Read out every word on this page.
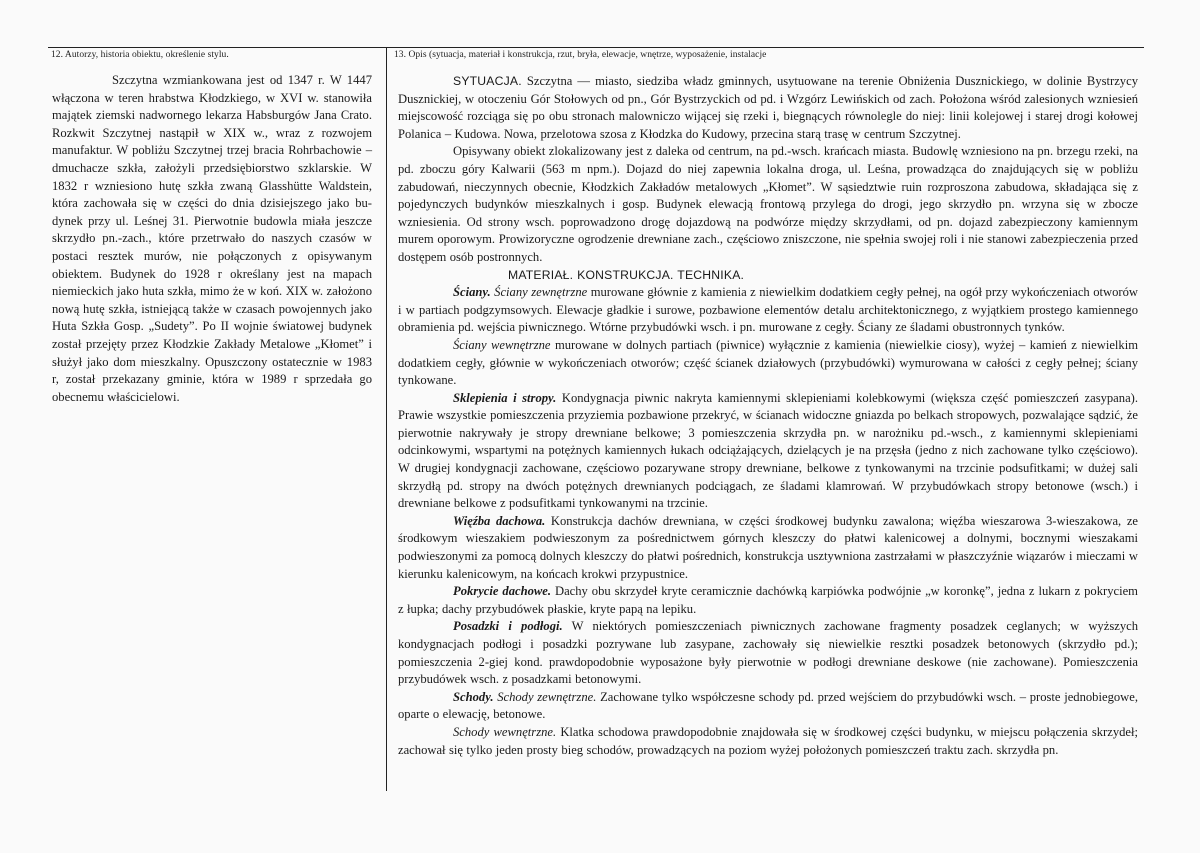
12. Autorzy, historia obiektu, określenie stylu.	13. Opis (sytuacja, materiał i konstrukcja, rzut, bryła, elewacje, wnętrze, wyposażenie, instalacje

Szczytna wzmiankowana jest od 1347 r. W 1447 włączona w teren hrabstwa Kłodzkiego, w XVI w. stanowiła majątek ziemski nadwornego lekarza Habsburgów Jana Crato. Rozkwit Szczytnej nastąpił w XIX w., wraz z rozwojem manufaktur. W pobliżu Szczytnej trzej bracia Rohrbachowie – dmuchacze szkła, założyli przedsiębiorstwo szklarskie. W 1832 r wzniesiono hutę szkła zwaną Glasshütte Waldstein, która zachowała się w części do dnia dzisiejszego jako budynek przy ul. Leśnej 31. Pierwotnie budowla miała jeszcze skrzydło pn.-zach., które przetrwało do naszych czasów w postaci resztek murów, nie połączonych z opisywanym obiektem. Budynek do 1928 r określany jest na mapach niemieckich jako huta szkła, mimo że w koń. XIX w. założono nową hutę szkła, istniejącą także w czasach powojennych jako Huta Szkła Gosp. „Sudety”. Po II wojnie światowej budynek został przejęty przez Kłodzkie Zakłady Metalowe „Kłomet” i służył jako dom mieszkalny. Opuszczony ostatecznie w 1983 r, został przekazany gminie, która w 1989 r sprzedała go obecnemu właścicielowi.

SYTUACJA. Szczytna — miasto, siedziba władz gminnych, usytuowane na terenie Obniżenia Dusznickiego, w dolinie Bystrzycy Dusznickiej, w otoczeniu Gór Stołowych od pn., Gór Bystrzyckich od pd. i Wzgórz Lewińskich od zach. Położona wśród zalesionych wzniesień miejscowość rozciąga się po obu stronach malowniczo wijącej się rzeki i, biegnących równolegle do niej: linii kolejowej i starej drogi kołowej Polanica – Kudowa. Nowa, przelotowa szosa z Kłodzka do Kudowy, przecina starą trasę w centrum Szczytnej.

Opisywany obiekt zlokalizowany jest z daleka od centrum, na pd.-wsch. krańcach miasta. Budowlę wzniesiono na pn. brzegu rzeki, na pd. zboczu góry Kalwarii (563 m npm.). Dojazd do niej zapewnia lokalna droga, ul. Leśna, prowadząca do znajdujących się w pobliżu zabudowań, nieczynnych obecnie, Kłodzkich Zakładów metalowych „Kłomet”. W sąsiedztwie ruin rozproszona zabudowa, składająca się z pojedynczych budynków mieszkalnych i gosp. Budynek elewacją frontową przylega do drogi, jego skrzydło pn. wrzyna się w zbocze wzniesienia. Od strony wsch. poprowadzono drogę dojazdową na podwórze między skrzydłami, od pn. dojazd zabezpieczony kamiennym murem oporowym. Prowizoryczne ogrodzenie drewniane zach., częściowo zniszczone, nie spełnia swojej roli i nie stanowi zabezpieczenia przed dostępem osób postronnych.

MATERIAŁ. KONSTRUKCJA. TECHNIKA.

Ściany. Ściany zewnętrzne murowane głównie z kamienia z niewielkim dodatkiem cegły pełnej, na ogół przy wykończeniach otworów i w partiach podgzymsowych. Elewacje gładkie i surowe, pozbawione elementów detalu architektonicznego, z wyjątkiem prostego kamiennego obramienia pd. wejścia piwnicznego. Wtórne przybudówki wsch. i pn. murowane z cegły. Ściany ze śladami obustronnych tynków.

Ściany wewnętrzne murowane w dolnych partiach (piwnice) wyłącznie z kamienia (niewielkie ciosy), wyżej – kamień z niewielkim dodatkiem cegły, głównie w wykończeniach otworów; część ścianek działowych (przybudówki) wymurowana w całości z cegły pełnej; ściany tynkowane.

Sklepienia i stropy. Kondygnacja piwnic nakryta kamiennymi sklepieniami kolebkowymi (większa część pomieszczeń zasypana). Prawie wszystkie pomieszczenia przyziemia pozbawione przekryć, w ścianach widoczne gniazda po belkach stropowych, pozwalające sądzić, że pierwotnie nakrywały je stropy drewniane belkowe; 3 pomieszczenia skrzydła pn. w narożniku pd.-wsch., z kamiennymi sklepieniami odcinkowymi, wspartymi na potężnych kamiennych łukach odciążających, dzielących je na przęsła (jedno z nich zachowane tylko częściowo). W drugiej kondygnacji zachowane, częściowo pozarywane stropy drewniane, belkowe z tynkowanymi na trzcinie podsufitkami; w dużej sali skrzydłą pd. stropy na dwóch potężnych drewnianych podciągach, ze śladami klamrowań. W przybudówkach stropy betonowe (wsch.) i drewniane belkowe z podsufitkami tynkowanymi na trzcinie.

Więźba dachowa. Konstrukcja dachów drewniana, w części środkowej budynku zawalona; więźba wieszarowa 3-wieszakowa, ze środkowym wieszakiem podwieszonym za pośrednictwem górnych kleszczy do płatwi kalenicowej a dolnymi, bocznymi wieszakami podwieszonymi za pomocą dolnych kleszczy do płatwi pośrednich, konstrukcja usztywniona zastrzałami w płaszczyźnie wiązarów i mieczami w kierunku kalenicowym, na końcach krokwi przypustnice.

Pokrycie dachowe. Dachy obu skrzydeł kryte ceramicznie dachówką karpiówka podwójnie „w koronkę”, jedna z lukarn z pokryciem z łupka; dachy przybudówek płaskie, kryte papą na lepiku.

Posadzki i podłogi. W niektórych pomieszczeniach piwnicznych zachowane fragmenty posadzek ceglanych; w wyższych kondygnacjach podłogi i posadzki pozrywane lub zasypane, zachowały się niewielkie resztki posadzek betonowych (skrzydło pd.); pomieszczenia 2-giej kond. prawdopodobnie wyposażone były pierwotnie w podłogi drewniane deskowe (nie zachowane). Pomieszczenia przybudówek wsch. z posadzkami betonowymi.

Schody. Schody zewnętrzne. Zachowane tylko współczesne schody pd. przed wejściem do przybudówki wsch. – proste jednobiegowe, oparte o elewację, betonowe.

Schody wewnętrzne. Klatka schodowa prawdopodobnie znajdowała się w środkowej części budynku, w miejscu połączenia skrzydeł; zachował się tylko jeden prosty bieg schodów, prowadzących na poziom wyżej położonych pomieszczeń traktu zach. skrzydła pn.
